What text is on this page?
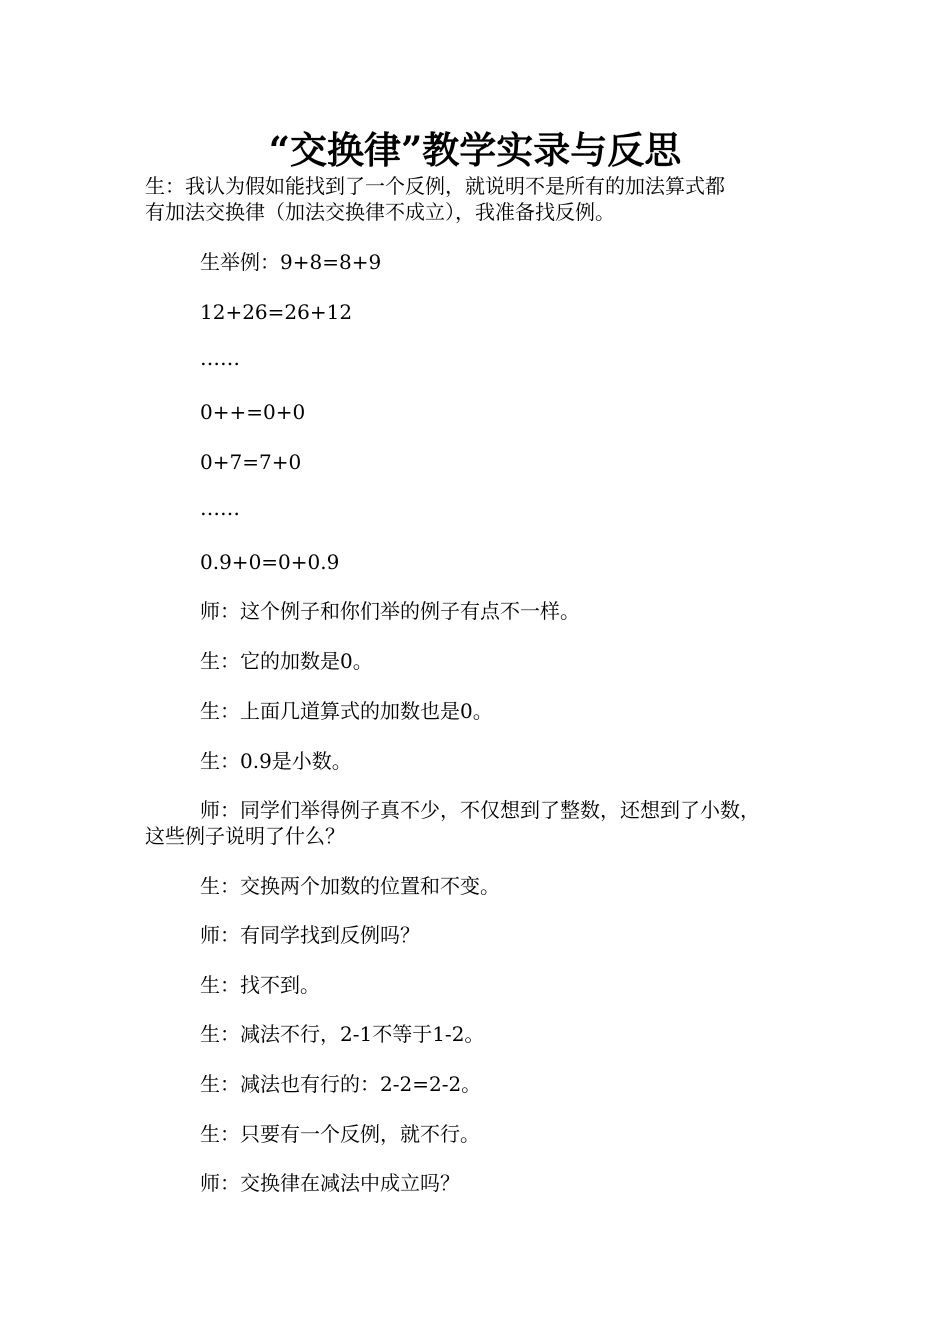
“交换律”教学实录与反思
生：我认为假如能找到了一个反例，就说明不是所有的加法算式都
有加法交换律（加法交换律不成立），我准备找反例。
生举例：9+8=8+9
12+26=26+12
……
0++=0+0
0+7=7+0
……
0.9+0=0+0.9
师：这个例子和你们举的例子有点不一样。
生：它的加数是0。
生：上面几道算式的加数也是0。
生：0.9是小数。
师：同学们举得例子真不少，不仅想到了整数，还想到了小数，
这些例子说明了什么？
生：交换两个加数的位置和不变。
师：有同学找到反例吗？
生：找不到。
生：减法不行，2-1不等于1-2。
生：减法也有行的：2-2=2-2。
生：只要有一个反例，就不行。
师：交换律在减法中成立吗？
